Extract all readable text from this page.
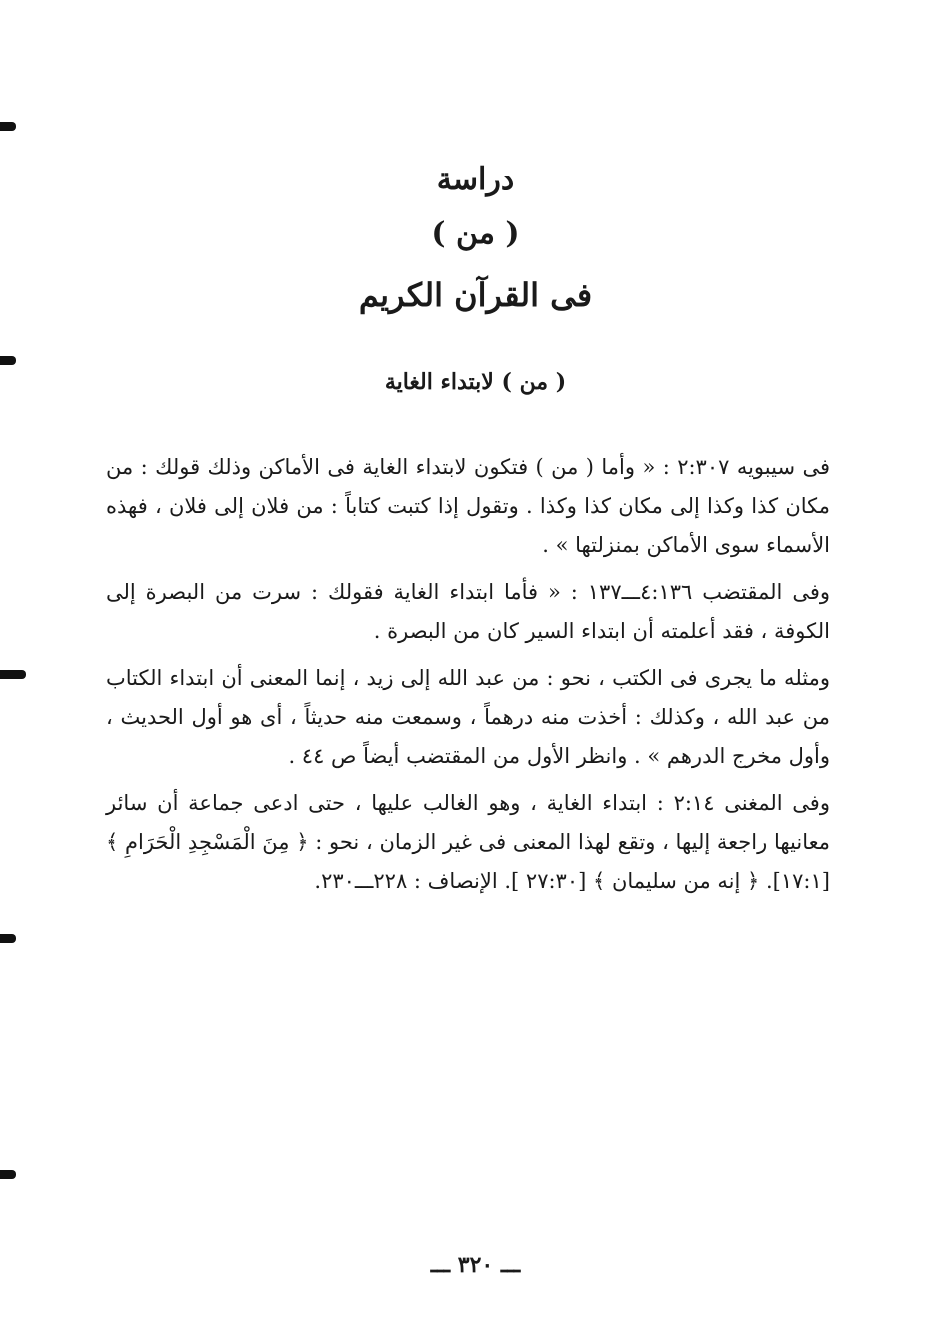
دراسة

( من )

فى القرآن الكريم

( من ) لابتداء الغاية

فى سيبويه ٢:٣٠٧ : « وأما ( من ) فتكون لابتداء الغاية فى الأماكن وذلك قولك : من مكان كذا وكذا إلى مكان كذا وكذا . وتقول إذا كتبت كتاباً : من فلان إلى فلان ، فهذه الأسماء سوى الأماكن بمنزلتها » .

وفى المقتضب ٤:١٣٦ـــ١٣٧ : « فأما ابتداء الغاية فقولك : سرت من البصرة إلى الكوفة ، فقد أعلمته أن ابتداء السير كان من البصرة .

ومثله ما يجرى فى الكتب ، نحو : من عبد الله إلى زيد ، إنما المعنى أن ابتداء الكتاب من عبد الله ، وكذلك : أخذت منه درهماً ، وسمعت منه حديثاً ، أى هو أول الحديث ، وأول مخرج الدرهم » . وانظر الأول من المقتضب أيضاً ص ٤٤ .

وفى المغنى ٢:١٤ : ابتداء الغاية ، وهو الغالب عليها ، حتى ادعى جماعة أن سائر معانيها راجعة إليها ، وتقع لهذا المعنى فى غير الزمان ، نحو : ﴿ مِنَ الْمَسْجِدِ الْحَرَامِ ﴾ [١٧:١]. ﴿ إنه من سليمان ﴾ [٢٧:٣٠ ]. الإنصاف : ٢٢٨ـــ٢٣٠.

ـــ ٣٢٠ ـــ
